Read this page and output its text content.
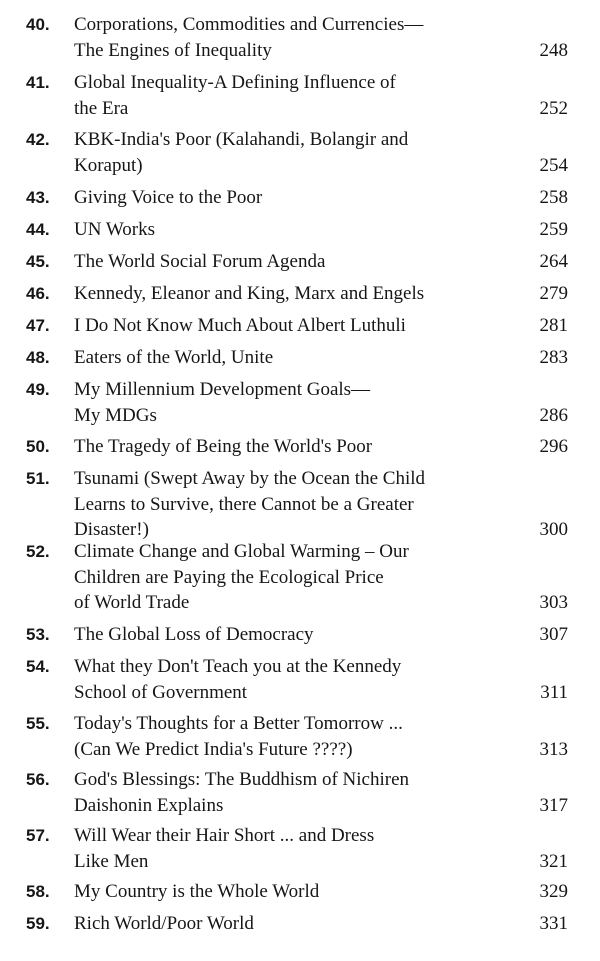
40. Corporations, Commodities and Currencies—
The Engines of Inequality	248
41. Global Inequality-A Defining Influence of
the Era	252
42. KBK-India's Poor (Kalahandi, Bolangir and
Koraput)	254
43. Giving Voice to the Poor	258
44. UN Works	259
45. The World Social Forum Agenda	264
46. Kennedy, Eleanor and King, Marx and Engels	279
47. I Do Not Know Much About Albert Luthuli	281
48. Eaters of the World, Unite	283
49. My Millennium Development Goals—
My MDGs	286
50. The Tragedy of Being the World's Poor	296
51. Tsunami (Swept Away by the Ocean the Child
Learns to Survive, there Cannot be a Greater
Disaster!)	300
52. Climate Change and Global Warming – Our
Children are Paying the Ecological Price
of World Trade	303
53. The Global Loss of Democracy	307
54. What they Don't Teach you at the Kennedy
School of Government	311
55. Today's Thoughts for a Better Tomorrow ...
(Can We Predict India's Future ????)	313
56. God's Blessings: The Buddhism of Nichiren
Daishonin Explains	317
57. Will Wear their Hair Short ... and Dress
Like Men	321
58. My Country is the Whole World	329
59. Rich World/Poor World	331
